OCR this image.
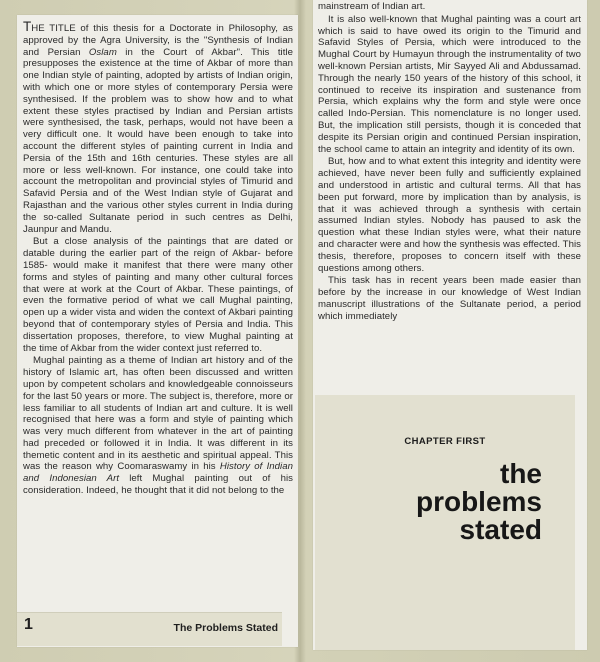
THE TITLE of this thesis for a Doctorate in Philosophy, as approved by the Agra University, is the "Synthesis of Indian and Persian Oslam in the Court of Akbar". This title presupposes the existence at the time of Akbar of more than one Indian style of painting, adopted by artists of Indian origin, with which one or more styles of contemporary Persia were synthesised. If the problem was to show how and to what extent these styles practised by Indian and Persian artists were synthesised, the task, perhaps, would not have been a very difficult one. It would have been enough to take into account the different styles of painting current in India and Persia of the 15th and 16th centuries. These styles are all more or less well-known. For instance, one could take into account the metropolitan and provincial styles of Timurid and Safavid Persia and of the West Indian style of Gujarat and Rajasthan and the various other styles current in India during the so-called Sultanate period in such centres as Delhi, Jaunpur and Mandu.

But a close analysis of the paintings that are dated or datable during the earlier part of the reign of Akbar- before 1585- would make it manifest that there were many other forms and styles of painting and many other cultural forces that were at work at the Court of Akbar. These paintings, of even the formative period of what we call Mughal painting, open up a wider vista and widen the context of Akbari painting beyond that of contemporary styles of Persia and India. This dissertation proposes, therefore, to view Mughal painting at the time of Akbar from the wider context just referred to.

Mughal painting as a theme of Indian art history and of the history of Islamic art, has often been discussed and written upon by competent scholars and knowledgeable connoisseurs for the last 50 years or more. The subject is, therefore, more or less familiar to all students of Indian art and culture. It is well recognised that here was a form and style of painting which was very much different from whatever in the art of painting had preceded or followed it in India. It was different in its themetic content and in its aesthetic and spiritual appeal. This was the reason why Coomaraswamy in his History of Indian and Indonesian Art left Mughal painting out of his consideration. Indeed, he thought that it did not belong to the

mainstream of Indian art.

It is also well-known that Mughal painting was a court art which is said to have owed its origin to the Timurid and Safavid Styles of Persia, which were introduced to the Mughal Court by Humayun through the instrumentality of two well-known Persian artists, Mir Sayyed Ali and Abdussamad. Through the nearly 150 years of the history of this school, it continued to receive its inspiration and sustenance from Persia, which explains why the form and style were once called Indo-Persian. This nomenclature is no longer used. But, the implication still persists, though it is conceded that despite its Persian origin and continued Persian inspiration, the school came to attain an integrity and identity of its own.

But, how and to what extent this integrity and identity were achieved, have never been fully and sufficiently explained and understood in artistic and cultural terms. All that has been put forward, more by implication than by analysis, is that it was achieved through a synthesis with certain assumed Indian styles. Nobody has paused to ask the question what these Indian styles were, what their nature and character were and how the synthesis was effected. This thesis, therefore, proposes to concern itself with these questions among others.

This task has in recent years been made easier than before by the increase in our knowledge of West Indian manuscript illustrations of the Sultanate period, a period which immediately

1	The Problems Stated
CHAPTER FIRST
the
problems
stated
